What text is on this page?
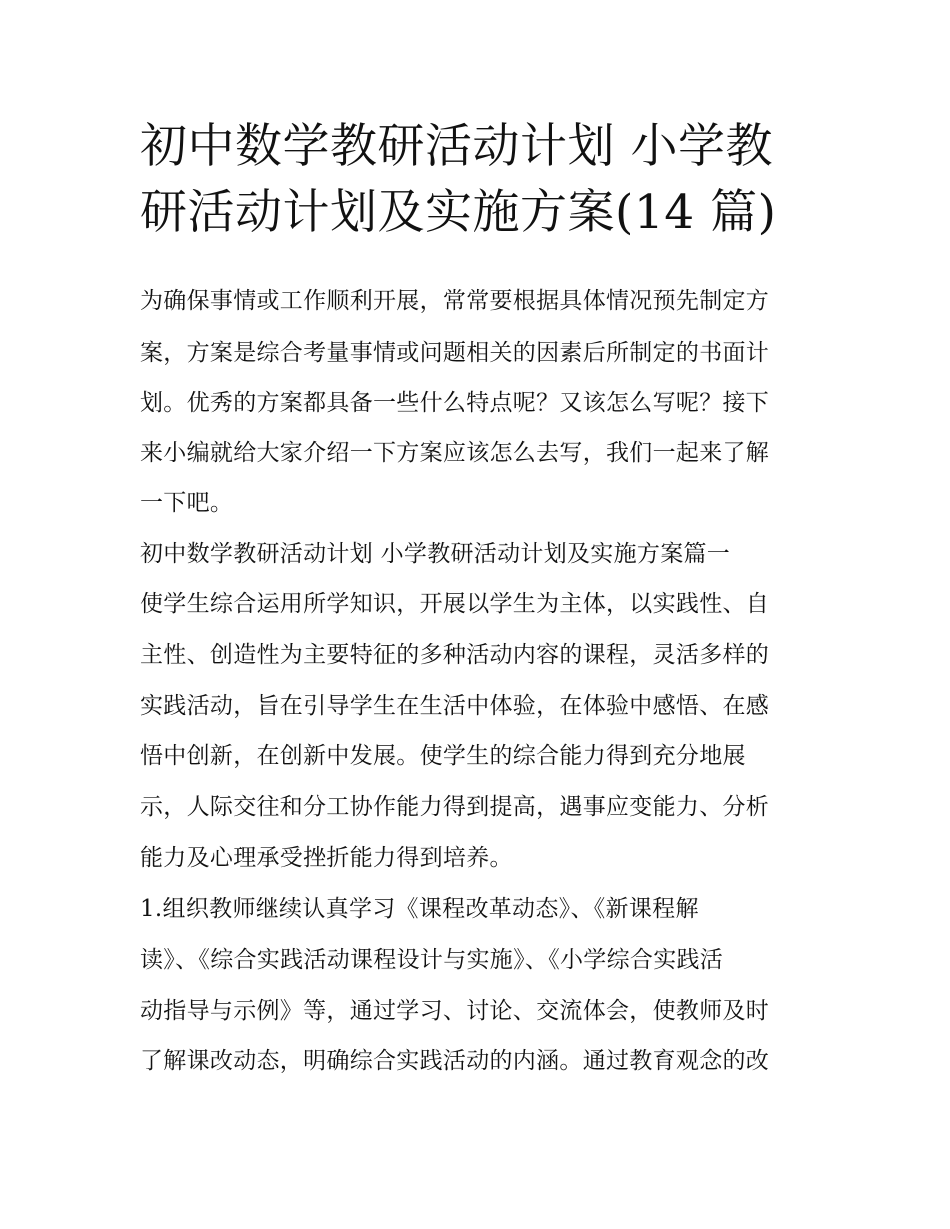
初中数学教研活动计划 小学教
研活动计划及实施方案(14 篇)

为确保事情或工作顺利开展，常常要根据具体情况预先制定方

案，方案是综合考量事情或问题相关的因素后所制定的书面计

划。优秀的方案都具备一些什么特点呢？又该怎么写呢？接下

来小编就给大家介绍一下方案应该怎么去写，我们一起来了解

一下吧。

初中数学教研活动计划 小学教研活动计划及实施方案篇一

使学生综合运用所学知识，开展以学生为主体，以实践性、自

主性、创造性为主要特征的多种活动内容的课程，灵活多样的

实践活动，旨在引导学生在生活中体验，在体验中感悟、在感

悟中创新，在创新中发展。使学生的综合能力得到充分地展

示，人际交往和分工协作能力得到提高，遇事应变能力、分析

能力及心理承受挫折能力得到培养。

1.组织教师继续认真学习《课程改革动态》、《新课程解

读》、《综合实践活动课程设计与实施》、《小学综合实践活

动指导与示例》等，通过学习、讨论、交流体会，使教师及时

了解课改动态，明确综合实践活动的内涵。通过教育观念的改
